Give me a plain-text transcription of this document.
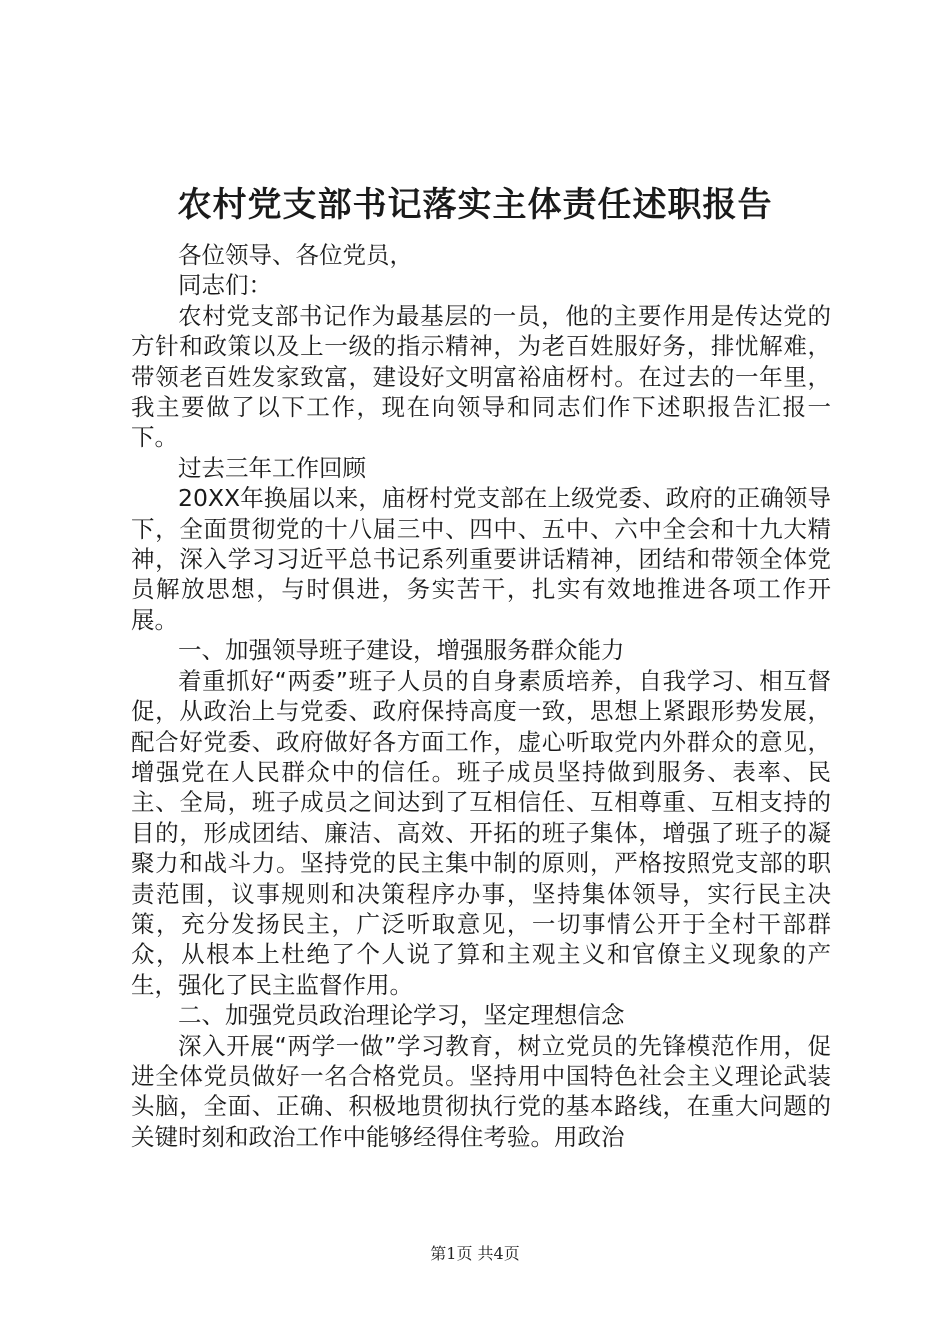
农村党支部书记落实主体责任述职报告

各位领导、各位党员，

同志们：

农村党支部书记作为最基层的一员，他的主要作用是传达党的方针和政策以及上一级的指示精神，为老百姓服好务，排忧解难，带领老百姓发家致富，建设好文明富裕庙枒村。在过去的一年里，我主要做了以下工作，现在向领导和同志们作下述职报告汇报一下。

过去三年工作回顾

20XX年换届以来，庙枒村党支部在上级党委、政府的正确领导下，全面贯彻党的十八届三中、四中、五中、六中全会和十九大精神，深入学习习近平总书记系列重要讲话精神，团结和带领全体党员解放思想，与时俱进，务实苦干，扎实有效地推进各项工作开展。

一、加强领导班子建设，增强服务群众能力

着重抓好“两委”班子人员的自身素质培养，自我学习、相互督促，从政治上与党委、政府保持高度一致，思想上紧跟形势发展，配合好党委、政府做好各方面工作，虚心听取党内外群众的意见，增强党在人民群众中的信任。班子成员坚持做到服务、表率、民主、全局，班子成员之间达到了互相信任、互相尊重、互相支持的目的，形成团结、廉洁、高效、开拓的班子集体，增强了班子的凝聚力和战斗力。坚持党的民主集中制的原则，严格按照党支部的职责范围，议事规则和决策程序办事，坚持集体领导，实行民主决策，充分发扬民主，广泛听取意见，一切事情公开于全村干部群众，从根本上杜绝了个人说了算和主观主义和官僚主义现象的产生，强化了民主监督作用。

二、加强党员政治理论学习，坚定理想信念

深入开展“两学一做”学习教育，树立党员的先锋模范作用，促进全体党员做好一名合格党员。坚持用中国特色社会主义理论武装头脑，全面、正确、积极地贯彻执行党的基本路线，在重大问题的关键时刻和政治工作中能够经得住考验。用政治

第1页 共4页
